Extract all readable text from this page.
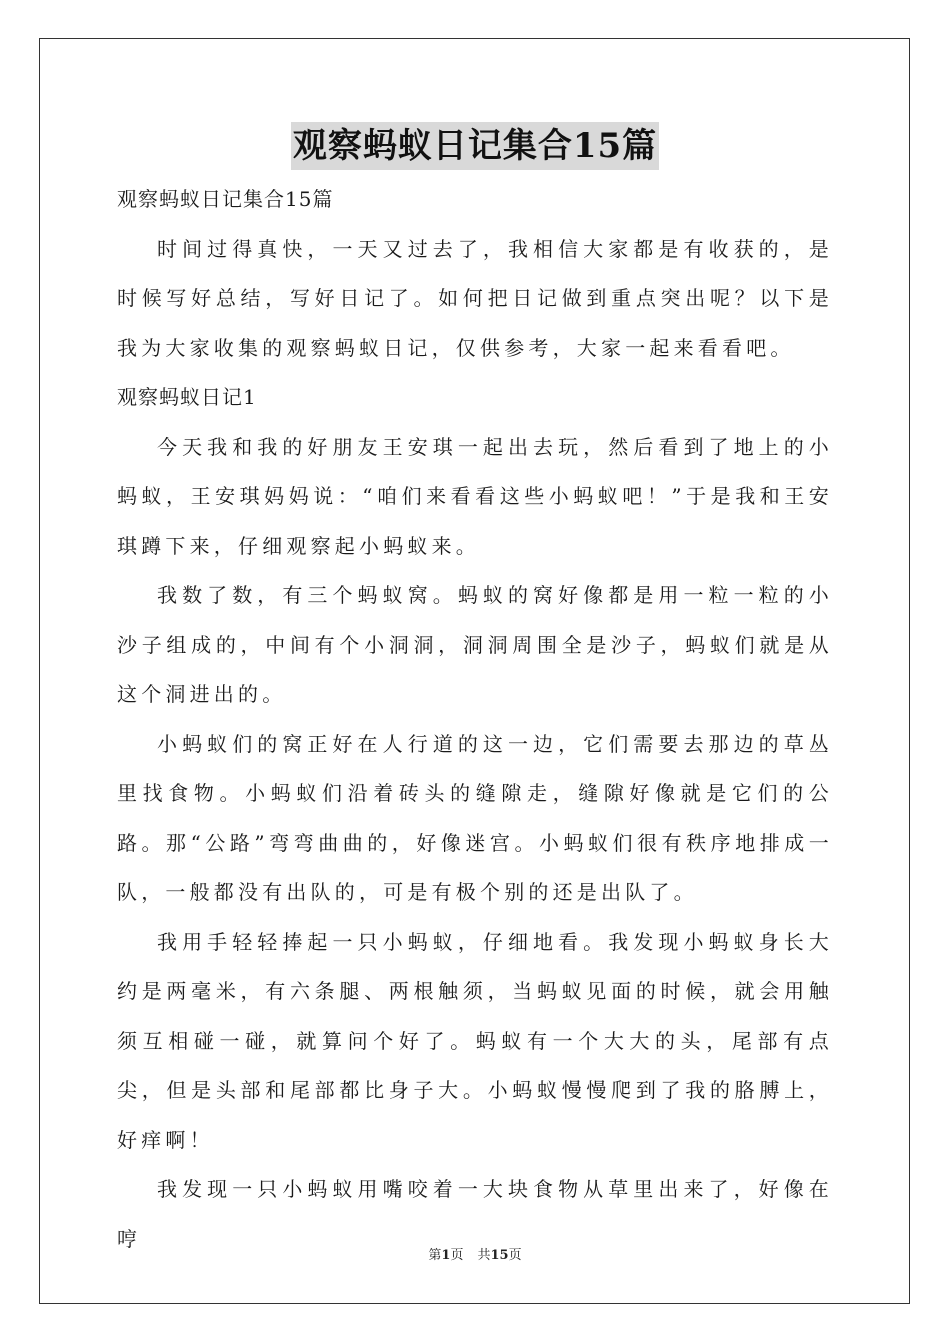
观察蚂蚁日记集合15篇

观察蚂蚁日记集合15篇

时间过得真快，一天又过去了，我相信大家都是有收获的，是时候写好总结，写好日记了。如何把日记做到重点突出呢？以下是我为大家收集的观察蚂蚁日记，仅供参考，大家一起来看看吧。

观察蚂蚁日记1

今天我和我的好朋友王安琪一起出去玩，然后看到了地上的小蚂蚁，王安琪妈妈说：“咱们来看看这些小蚂蚁吧！”于是我和王安琪蹲下来，仔细观察起小蚂蚁来。

我数了数，有三个蚂蚁窝。蚂蚁的窝好像都是用一粒一粒的小沙子组成的，中间有个小洞洞，洞洞周围全是沙子，蚂蚁们就是从这个洞进出的。

小蚂蚁们的窝正好在人行道的这一边，它们需要去那边的草丛里找食物。小蚂蚁们沿着砖头的缝隙走，缝隙好像就是它们的公路。那“公路”弯弯曲曲的，好像迷宫。小蚂蚁们很有秩序地排成一队，一般都没有出队的，可是有极个别的还是出队了。

我用手轻轻捧起一只小蚂蚁，仔细地看。我发现小蚂蚁身长大约是两毫米，有六条腿、两根触须，当蚂蚁见面的时候，就会用触须互相碰一碰，就算问个好了。蚂蚁有一个大大的头，尾部有点尖，但是头部和尾部都比身子大。小蚂蚁慢慢爬到了我的胳膊上，好痒啊！

我发现一只小蚂蚁用嘴咬着一大块食物从草里出来了，好像在哼

第1页 共15页
